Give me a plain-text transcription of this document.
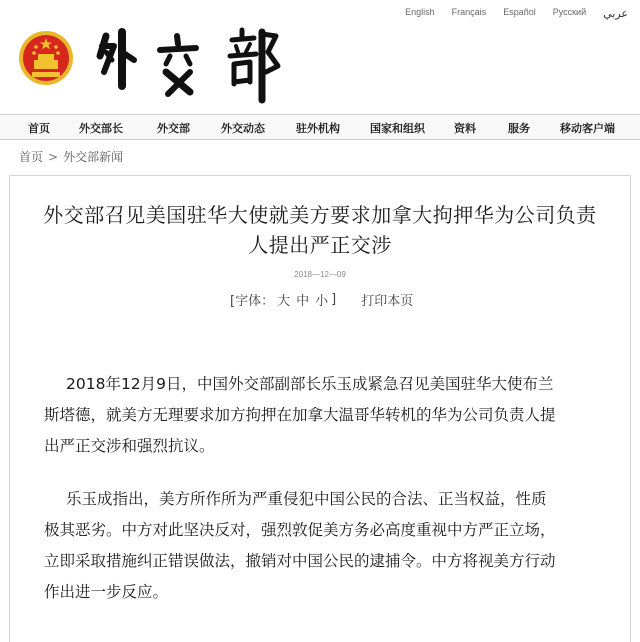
English Français Español Русский عربي
首页	外交部长	外交部	外交动态	驻外机构	国家和组织	资料	服务	移动客户端
首页 > 外交部新闻
外交部召见美国驻华大使就美方要求加拿大拘押华为公司负责
人提出严正交涉
2018—12—09
[字体： 大 中 小 ] 打印本页
2018年12月9日，中国外交部副部长乐玉成紧急召见美国驻华大使布兰
斯塔德，就美方无理要求加方拘押在加拿大温哥华转机的华为公司负责人提
出严正交涉和强烈抗议。
乐玉成指出，美方所作所为严重侵犯中国公民的合法、正当权益，性质
极其恶劣。中方对此坚决反对，强烈敦促美方务必高度重视中方严正立场，
立即采取措施纠正错误做法，撤销对中国公民的逮捕令。中方将视美方行动
作出进一步反应。
